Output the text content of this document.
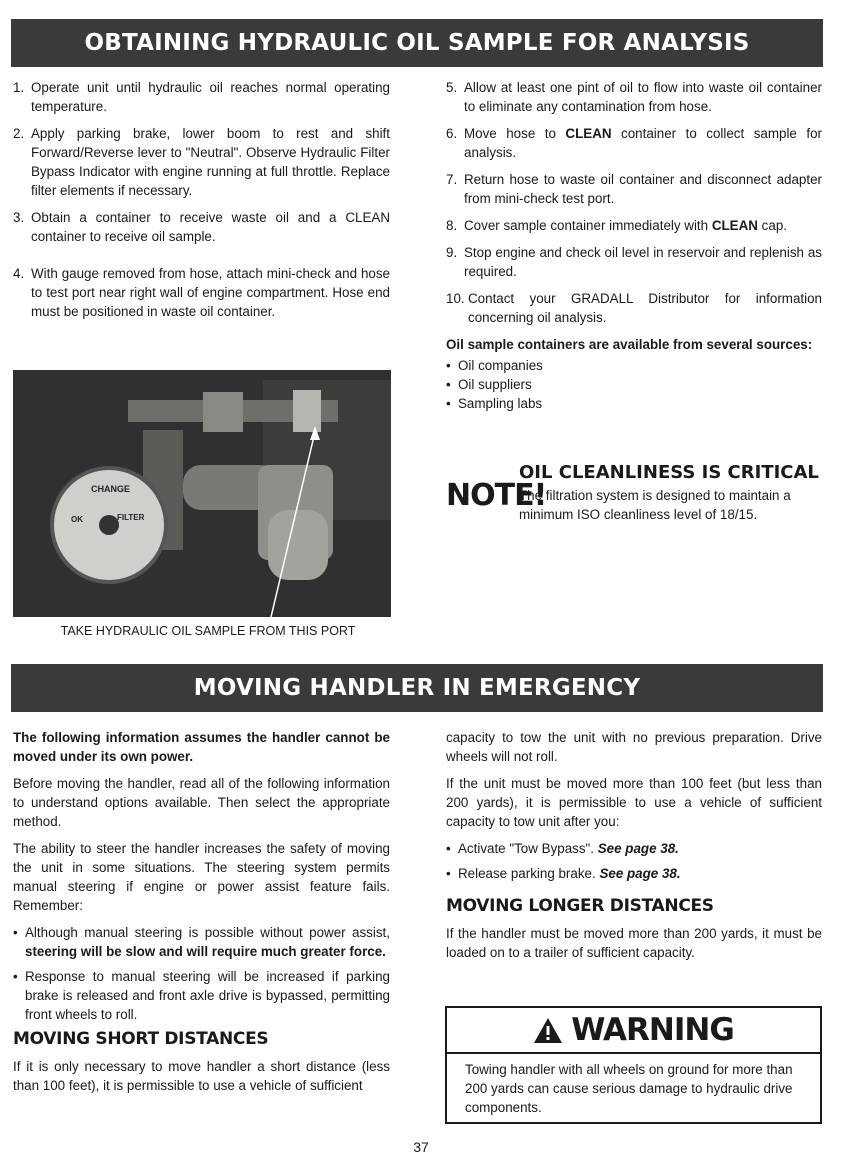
OBTAINING HYDRAULIC OIL SAMPLE FOR ANALYSIS
1. Operate unit until hydraulic oil reaches normal operating temperature.
2. Apply parking brake, lower boom to rest and shift Forward/Reverse lever to "Neutral". Observe Hydraulic Filter Bypass Indicator with engine running at full throttle. Replace filter elements if necessary.
3. Obtain a container to receive waste oil and a CLEAN container to receive oil sample.
4. With gauge removed from hose, attach mini-check and hose to test port near right wall of engine compartment. Hose end must be positioned in waste oil container.
CHANGE
OK	FILTER
TAKE HYDRAULIC OIL SAMPLE FROM THIS PORT
5. Allow at least one pint of oil to flow into waste oil container to eliminate any contamination from hose.
6. Move hose to CLEAN container to collect sample for analysis.
7. Return hose to waste oil container and disconnect adapter from mini-check test port.
8. Cover sample container immediately with CLEAN cap.
9. Stop engine and check oil level in reservoir and replenish as required.
10. Contact your GRADALL Distributor for information concerning oil analysis.

Oil sample containers are available from several sources:

• Oil companies
• Oil suppliers
• Sampling labs
NOTE!
OIL CLEANLINESS IS CRITICAL
The filtration system is designed to maintain a minimum ISO cleanliness level of 18/15.
MOVING HANDLER IN EMERGENCY

The following information assumes the handler cannot be moved under its own power.

Before moving the handler, read all of the following information to understand options available. Then select the appropriate method.

The ability to steer the handler increases the safety of moving the unit in some situations. The steering system permits manual steering if engine or power assist feature fails. Remember:

• Although manual steering is possible without power assist, steering will be slow and will require much greater force.
• Response to manual steering will be increased if parking brake is released and front axle drive is bypassed, permitting front wheels to roll.
MOVING SHORT DISTANCES

If it is only necessary to move handler a short distance (less than 100 feet), it is permissible to use a vehicle of sufficient

capacity to tow the unit with no previous preparation. Drive wheels will not roll.

If the unit must be moved more than 100 feet (but less than 200 yards), it is permissible to use a vehicle of sufficient capacity to tow unit after you:

• Activate "Tow Bypass". See page 38.
• Release parking brake. See page 38.
MOVING LONGER DISTANCES

If the handler must be moved more than 200 yards, it must be loaded on to a trailer of sufficient capacity.

WARNING
Towing handler with all wheels on ground for more than 200 yards can cause serious damage to hydraulic drive components.
37
